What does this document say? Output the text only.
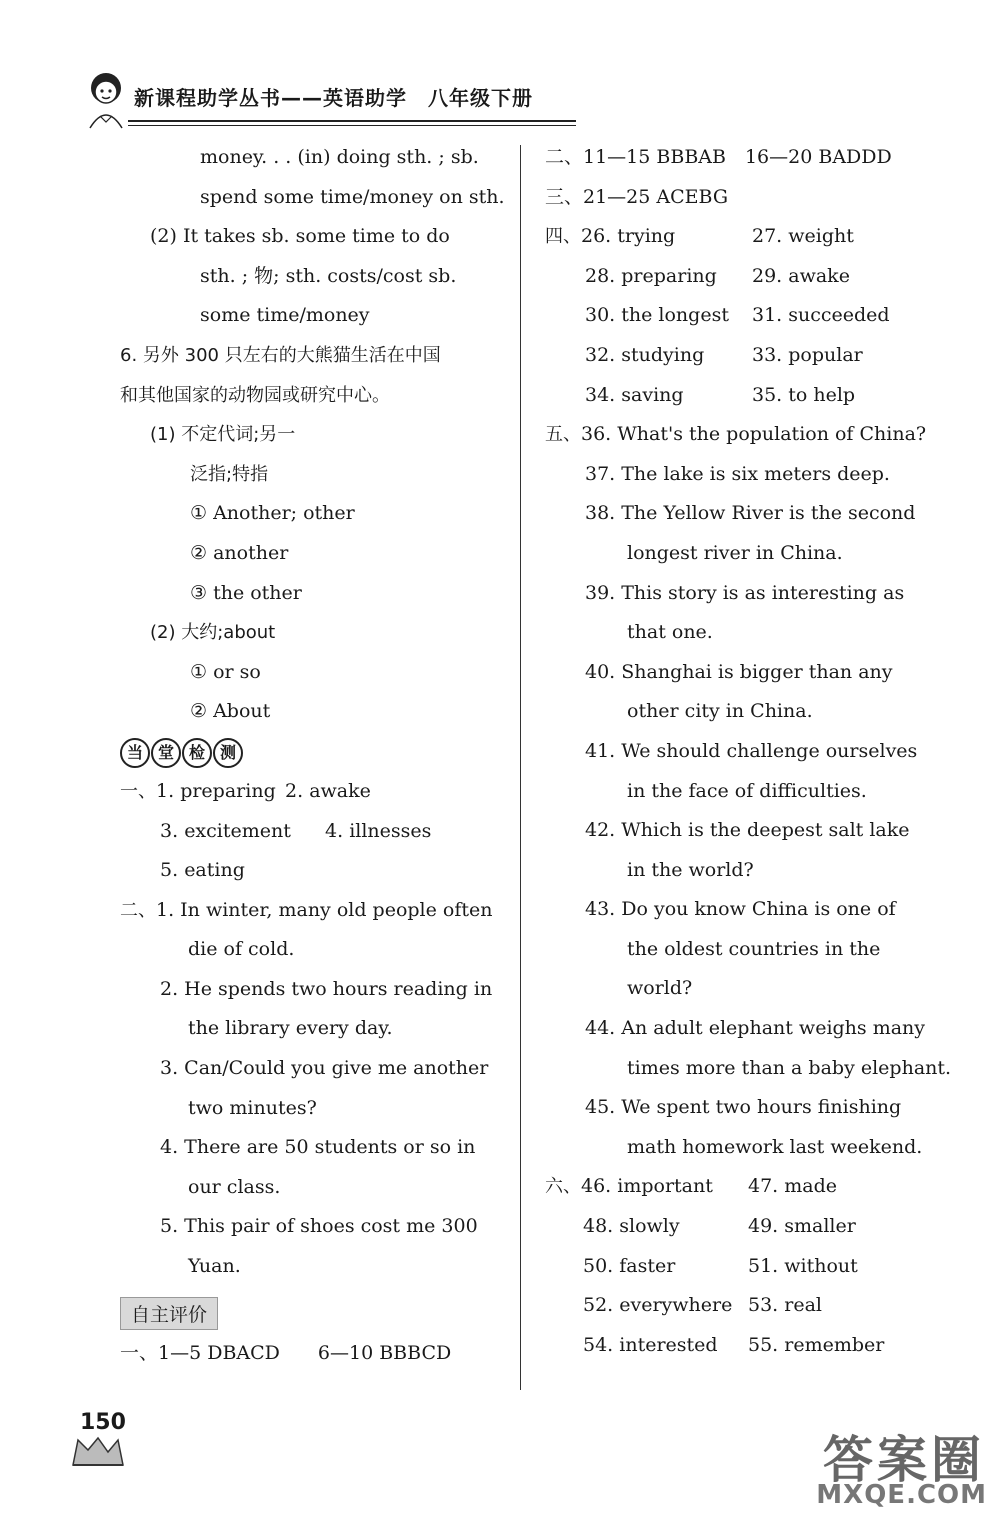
新课程助学丛书——英语助学　八年级下册
money. . . (in) doing sth. ; sb.
spend some time/money on sth.
(2) It takes sb. some time to do
sth. ; 物; sth. costs/cost sb.
some time/money
6. 另外 300 只左右的大熊猫生活在中国
和其他国家的动物园或研究中心。
(1) 不定代词;另一
泛指;特指
① Another; other
② another
③ the other
(2) 大约;about
① or so
② About
当 堂 检 测
一、1. preparing 2. awake
3. excitement	4. illnesses
5. eating
二、1. In winter, many old people often
die of cold.
2. He spends two hours reading in
the library every day.
3. Can/Could you give me another
two minutes?
4. There are 50 students or so in
our class.
5. This pair of shoes cost me 300
Yuan.
自主评价
一、1—5 DBACD　　6—10 BBBCD
二、11—15 BBBAB　16—20 BADDD
三、21—25 ACEBG
四、26. trying	27. weight
28. preparing	29. awake
30. the longest	31. succeeded
32. studying	33. popular
34. saving	35. to help
五、36. What's the population of China?
37. The lake is six meters deep.
38. The Yellow River is the second
longest river in China.
39. This story is as interesting as
that one.
40. Shanghai is bigger than any
other city in China.
41. We should challenge ourselves
in the face of difficulties.
42. Which is the deepest salt lake
in the world?
43. Do you know China is one of
the oldest countries in the
world?
44. An adult elephant weighs many
times more than a baby elephant.
45. We spent two hours finishing
math homework last weekend.
六、46. important	47. made
48. slowly	49. smaller
50. faster	51. without
52. everywhere 53. real
54. interested	55. remember
150
答案圈
MXQE.COM
